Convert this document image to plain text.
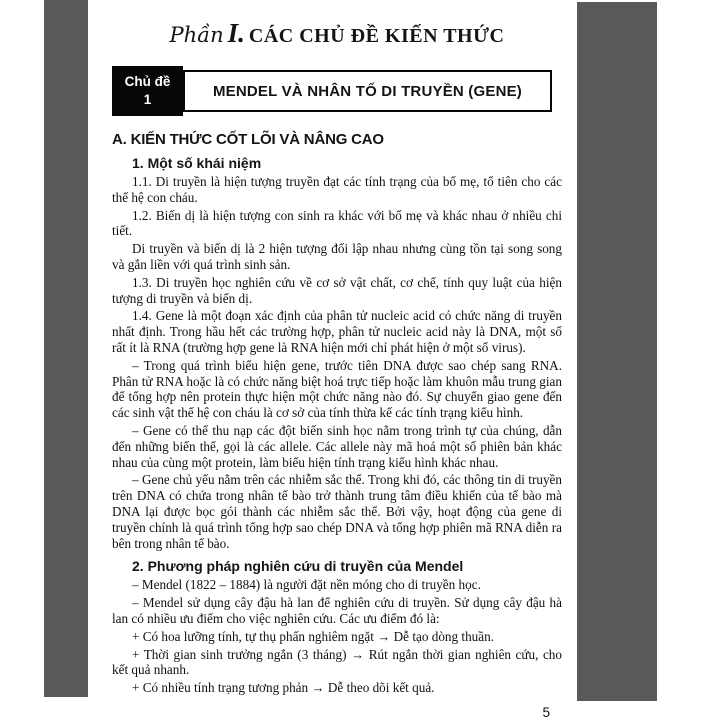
Phần I. CÁC CHỦ ĐỀ KIẾN THỨC
Chủ đề
1	MENDEL VÀ NHÂN TỐ DI TRUYỀN (GENE)
A. KIẾN THỨC CỐT LÕI VÀ NÂNG CAO
1. Một số khái niệm

1.1. Di truyền là hiện tượng truyền đạt các tính trạng của bố mẹ, tổ tiên cho các thế hệ con cháu.

1.2. Biến dị là hiện tượng con sinh ra khác với bố mẹ và khác nhau ở nhiều chi tiết.

Di truyền và biến dị là 2 hiện tượng đối lập nhau nhưng cùng tồn tại song song và gắn liền với quá trình sinh sản.

1.3. Di truyền học nghiên cứu về cơ sở vật chất, cơ chế, tính quy luật của hiện tượng di truyền và biến dị.

1.4. Gene là một đoạn xác định của phân tử nucleic acid có chức năng di truyền nhất định. Trong hầu hết các trường hợp, phân tử nucleic acid này là DNA, một số rất ít là RNA (trường hợp gene là RNA hiện mới chỉ phát hiện ở một số virus).

– Trong quá trình biểu hiện gene, trước tiên DNA được sao chép sang RNA. Phân tử RNA hoặc là có chức năng biệt hoá trực tiếp hoặc làm khuôn mẫu trung gian để tổng hợp nên protein thực hiện một chức năng nào đó. Sự chuyển giao gene đến các sinh vật thế hệ con cháu là cơ sở của tính thừa kế các tính trạng kiểu hình.

– Gene có thể thu nạp các đột biến sinh học nằm trong trình tự của chúng, dẫn đến những biến thể, gọi là các allele. Các allele này mã hoá một số phiên bản khác nhau của cùng một protein, làm biểu hiện tính trạng kiểu hình khác nhau.

– Gene chủ yếu nằm trên các nhiễm sắc thể. Trong khi đó, các thông tin di truyền trên DNA có chứa trong nhân tế bào trở thành trung tâm điều khiển của tế bào mà DNA lại được bọc gói thành các nhiễm sắc thể. Bởi vậy, hoạt động của gene di truyền chính là quá trình tổng hợp sao chép DNA và tổng hợp phiên mã RNA diễn ra bên trong nhân tế bào.

2. Phương pháp nghiên cứu di truyền của Mendel

– Mendel (1822 – 1884) là người đặt nền móng cho di truyền học.

– Mendel sử dụng cây đậu hà lan để nghiên cứu di truyền. Sử dụng cây đậu hà lan có nhiều ưu điểm cho việc nghiên cứu. Các ưu điểm đó là:

+ Có hoa lưỡng tính, tự thụ phấn nghiêm ngặt → Dễ tạo dòng thuần.

+ Thời gian sinh trưởng ngắn (3 tháng) → Rút ngắn thời gian nghiên cứu, cho kết quả nhanh.

+ Có nhiều tính trạng tương phản → Dễ theo dõi kết quả.

5
